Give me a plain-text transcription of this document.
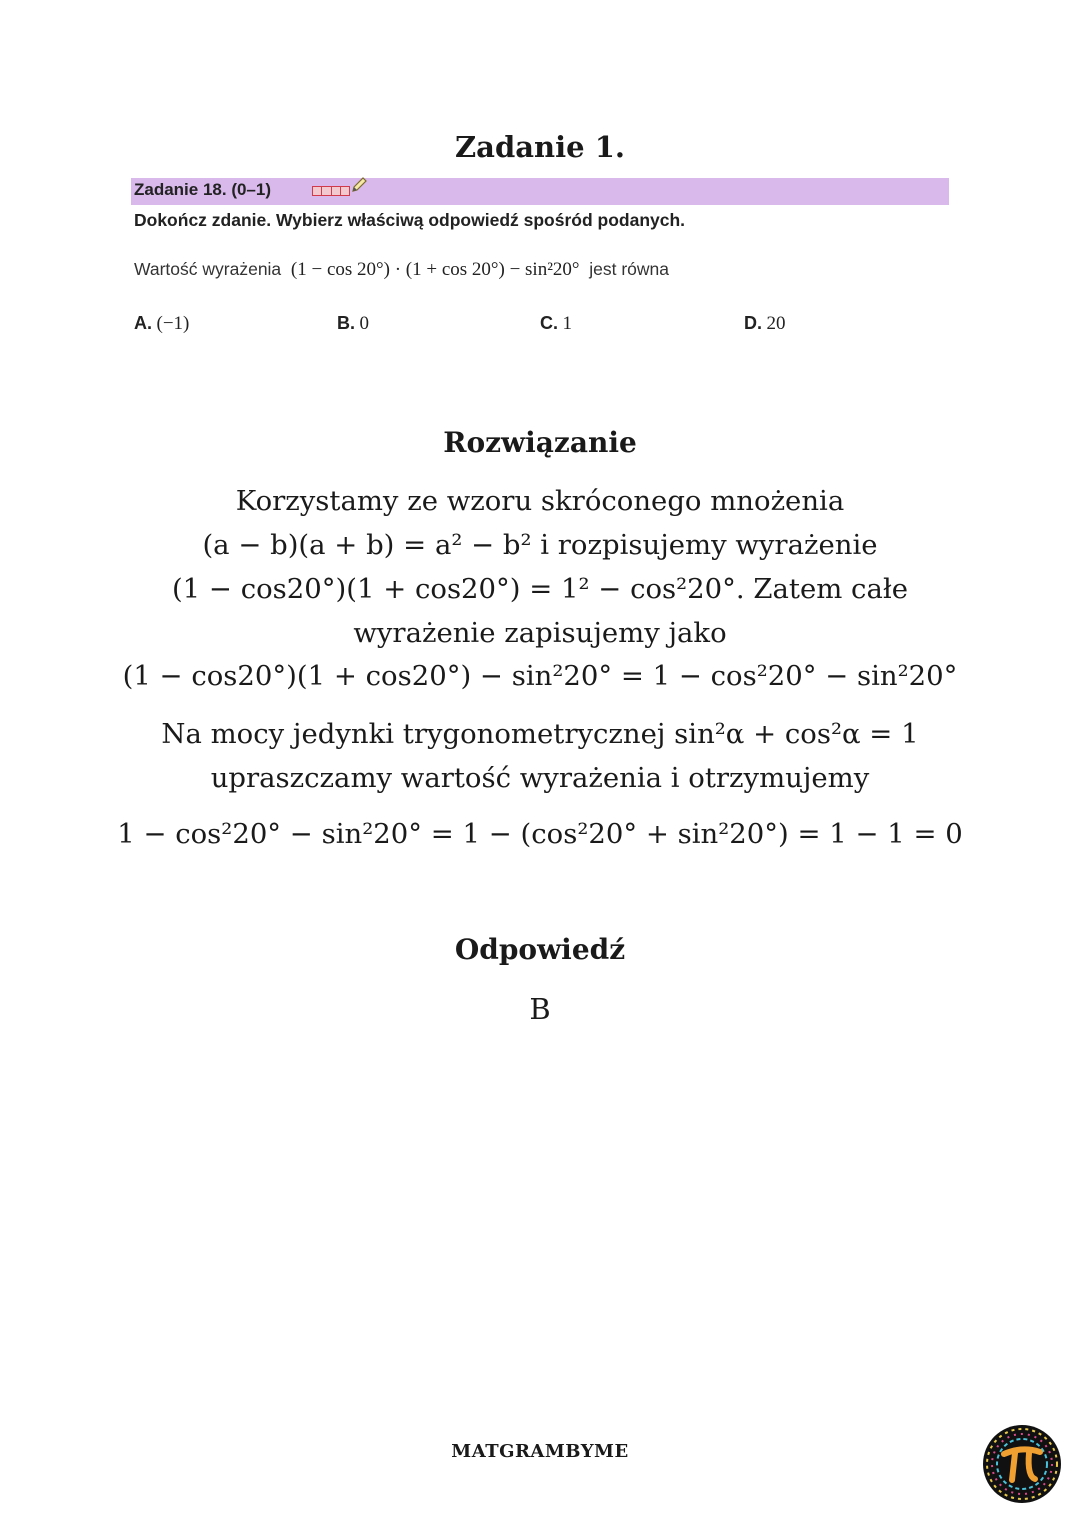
Zadanie 1.
Zadanie 18. (0–1)
Dokończ zdanie. Wybierz właściwą odpowiedź spośród podanych.
Wartość wyrażenia (1 − cos 20°) · (1 + cos 20°) − sin²20° jest równa
A. (−1)	B. 0	C. 1	D. 20
Rozwiązanie
Korzystamy ze wzoru skróconego mnożenia
(a − b)(a + b) = a² − b² i rozpisujemy wyrażenie
(1 − cos20°)(1 + cos20°) = 1² − cos²20°. Zatem całe
wyrażenie zapisujemy jako
(1 − cos20°)(1 + cos20°) − sin²20° = 1 − cos²20° − sin²20°
Na mocy jedynki trygonometrycznej sin²α + cos²α = 1
upraszczamy wartość wyrażenia i otrzymujemy
1 − cos²20° − sin²20° = 1 − (cos²20° + sin²20°) = 1 − 1 = 0
Odpowiedź
B
MATGRAMBYME
